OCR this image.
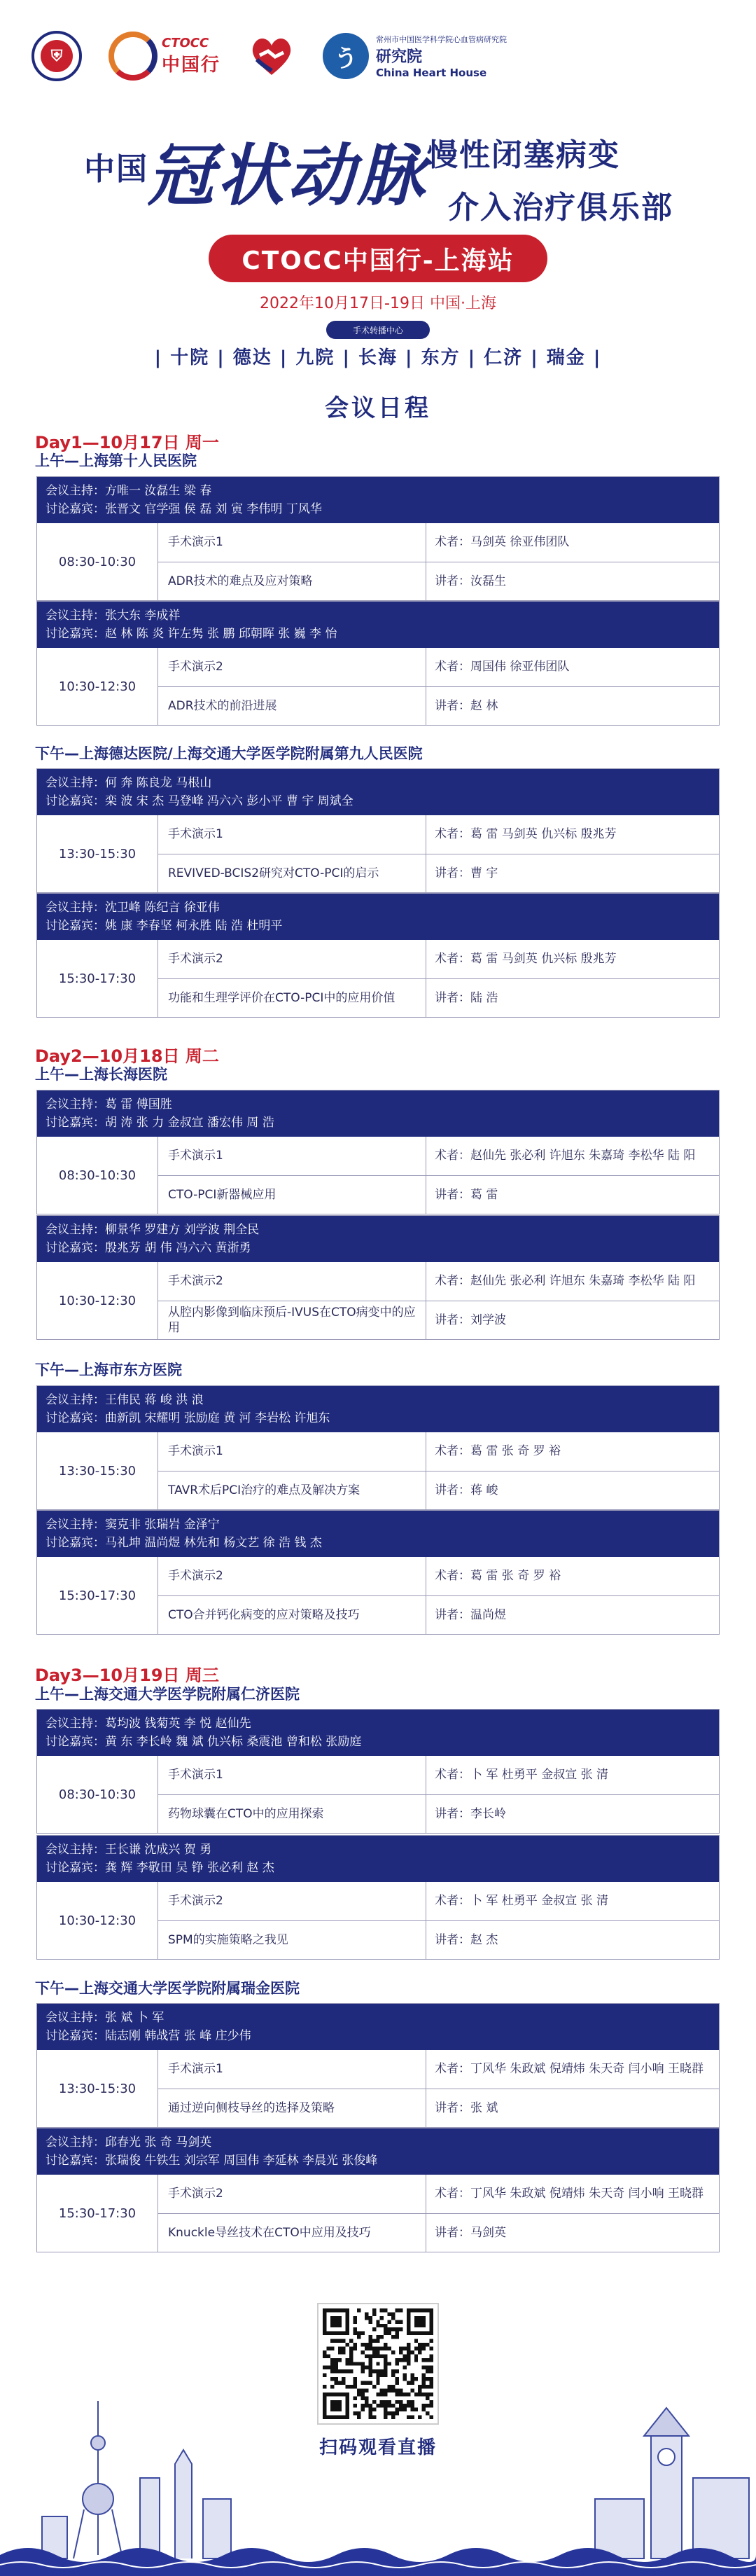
⛨
CTOCC
中国行	う
常州市中国医学科学院心血管病研究院
研究院
China Heart House
中国
冠状动脉 慢性闭塞病变
介入治疗俱乐部
CTOCC中国行-上海站
2022年10月17日-19日 中国·上海
手术转播中心
| 十院 | 德达 | 九院 | 长海 | 东方 | 仁济 | 瑞金 |
会议日程
Day1—10月17日 周一
上午—上海第十人民医院
会议主持：方唯一 汝磊生 梁 春
讨论嘉宾：张晋文 官学强 侯 磊 刘 寅 李伟明 丁风华
08:30-10:30
手术演示1	术者： 马剑英 徐亚伟团队
ADR技术的难点及应对策略	讲者： 汝磊生
会议主持：张大东 李成祥
讨论嘉宾：赵 林 陈 炎 许左隽 张 鹏 邱朝晖 张 巍 李 怡
10:30-12:30
手术演示2	术者： 周国伟 徐亚伟团队
ADR技术的前沿进展	讲者： 赵 林
下午—上海德达医院/上海交通大学医学院附属第九人民医院
会议主持：何 奔 陈良龙 马根山
讨论嘉宾：栾 波 宋 杰 马登峰 冯六六 彭小平 曹 宇 周斌全
13:30-15:30
手术演示1	术者： 葛 雷 马剑英 仇兴标 殷兆芳
REVIVED-BCIS2研究对CTO-PCI的启示	讲者： 曹 宇
会议主持：沈卫峰 陈纪言 徐亚伟
讨论嘉宾：姚 康 李春坚 柯永胜 陆 浩 杜明平
15:30-17:30
手术演示2	术者： 葛 雷 马剑英 仇兴标 殷兆芳
功能和生理学评价在CTO-PCI中的应用价值	讲者： 陆 浩
Day2—10月18日 周二
上午—上海长海医院
会议主持：葛 雷 傅国胜
讨论嘉宾：胡 涛 张 力 金叔宣 潘宏伟 周 浩
08:30-10:30
手术演示1	术者： 赵仙先 张必利 许旭东 朱嘉琦 李松华 陆 阳
CTO-PCI新器械应用	讲者： 葛 雷
会议主持：柳景华 罗建方 刘学波 荆全民
讨论嘉宾：殷兆芳 胡 伟 冯六六 黄浙勇
10:30-12:30
手术演示2	术者： 赵仙先 张必利 许旭东 朱嘉琦 李松华 陆 阳
从腔内影像到临床预后-IVUS在CTO病变中的应用
讲者： 刘学波
下午—上海市东方医院
会议主持：王伟民 蒋 峻 洪 浪
讨论嘉宾：曲新凯 宋耀明 张励庭 黄 河 李岩松 许旭东
13:30-15:30
手术演示1	术者： 葛 雷 张 奇 罗 裕
TAVR术后PCI治疗的难点及解决方案	讲者： 蒋 峻
会议主持：窦克非 张瑞岩 金泽宁
讨论嘉宾：马礼坤 温尚煜 林先和 杨文艺 徐 浩 钱 杰
15:30-17:30
手术演示2	术者： 葛 雷 张 奇 罗 裕
CTO合并钙化病变的应对策略及技巧	讲者： 温尚煜
Day3—10月19日 周三
上午—上海交通大学医学院附属仁济医院
会议主持：葛均波 钱菊英 李 悦 赵仙先
讨论嘉宾：黄 东 李长岭 魏 斌 仇兴标 桑震池 曾和松 张励庭
08:30-10:30
手术演示1	术者： 卜 军 杜勇平 金叔宣 张 清
药物球囊在CTO中的应用探索	讲者： 李长岭
会议主持：王长谦 沈成兴 贺 勇
讨论嘉宾：龚 辉 李敬田 吴 铮 张必利 赵 杰
10:30-12:30
手术演示2	术者： 卜 军 杜勇平 金叔宣 张 清
SPM的实施策略之我见	讲者： 赵 杰
下午—上海交通大学医学院附属瑞金医院
会议主持：张 斌 卜 军
讨论嘉宾：陆志刚 韩战营 张 峰 庄少伟
13:30-15:30
手术演示1	术者： 丁风华 朱政斌 倪靖炜 朱天奇 闫小响 王晓群
通过逆向侧枝导丝的选择及策略	讲者： 张 斌
会议主持：邱春光 张 奇 马剑英
讨论嘉宾：张瑞俊 牛铁生 刘宗军 周国伟 李延林 李晨光 张俊峰
15:30-17:30
手术演示2	术者： 丁风华 朱政斌 倪靖炜 朱天奇 闫小响 王晓群
Knuckle导丝技术在CTO中应用及技巧	讲者： 马剑英
扫码观看直播
